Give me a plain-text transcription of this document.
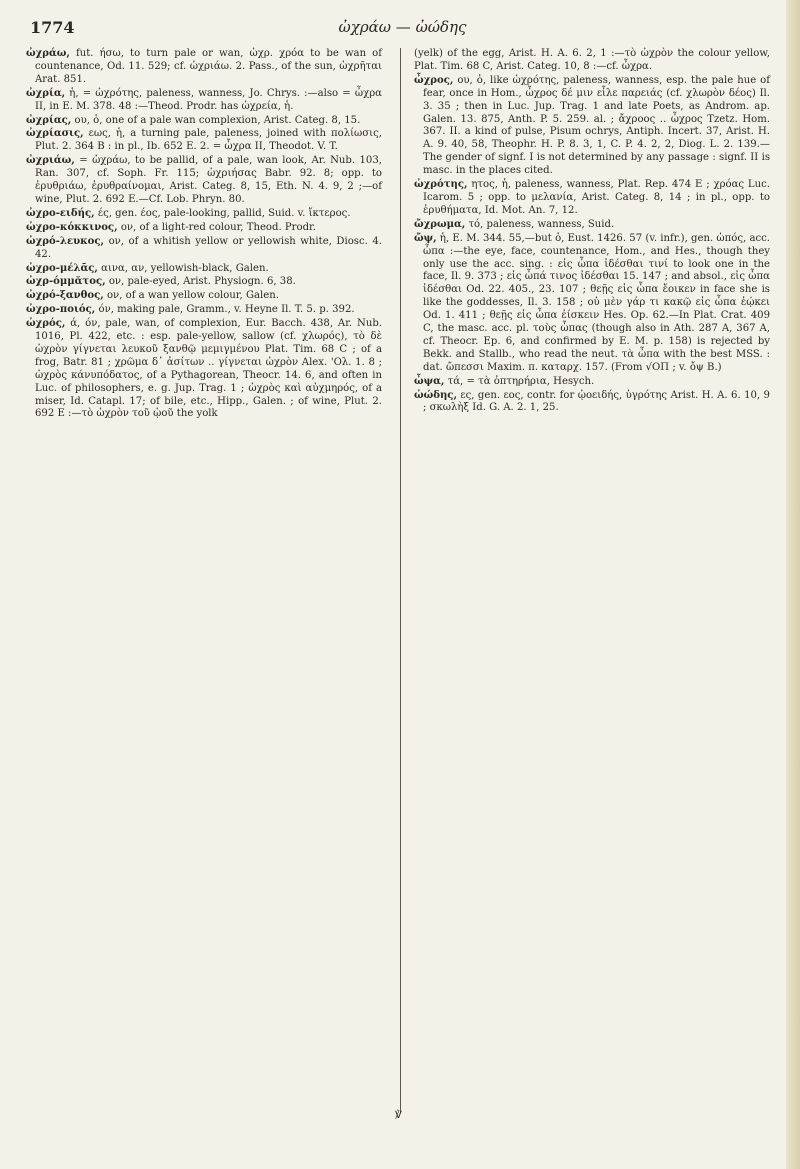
1774	ὠχράω — ὠώδης

ὠχράω, fut. ήσω, to turn pale or wan, ὠχρ. χρόα to be wan of countenance, Od. 11. 529; cf. ὠχριάω. 2. Pass., of the sun, ὠχρῆται Arat. 851.

ὠχρία, ἡ, = ὠχρότης, paleness, wanness, Jo. Chrys. :—also = ὦχρα II, in E. M. 378. 48 :—Theod. Prodr. has ὠχρεία, ἡ.

ὠχρίας, ου, ὁ, one of a pale wan complexion, Arist. Categ. 8, 15.

ὠχρίασις, εως, ἡ, a turning pale, paleness, joined with πολίωσις, Plut. 2. 364 B : in pl., Ib. 652 E. 2. = ὦχρα II, Theodot. V. T.

ὠχριάω, = ὠχράω, to be pallid, of a pale, wan look, Ar. Nub. 103, Ran. 307, cf. Soph. Fr. 115; ὠχριήσας Babr. 92. 8; opp. to ἐρυθριάω, ἐρυθραίνομαι, Arist. Categ. 8, 15, Eth. N. 4. 9, 2 ;—of wine, Plut. 2. 692 E.—Cf. Lob. Phryn. 80.

ὠχρο-ειδής, ές, gen. έος, pale-looking, pallid, Suid. v. ἴκτερος.

ὠχρο-κόκκινος, ον, of a light-red colour, Theod. Prodr.

ὠχρό-λευκος, ον, of a whitish yellow or yellowish white, Diosc. 4. 42.

ὠχρο-μέλᾱς, αινα, αν, yellowish-black, Galen.

ὠχρ-όμμᾰτος, ον, pale-eyed, Arist. Physiogn. 6, 38.

ὠχρό-ξανθος, ον, of a wan yellow colour, Galen.

ὠχρο-ποιός, όν, making pale, Gramm., v. Heyne Il. T. 5. p. 392.

ὠχρός, ά, όν, pale, wan, of complexion, Eur. Bacch. 438, Ar. Nub. 1016, Pl. 422, etc. : esp. pale-yellow, sallow (cf. χλωρός), τὸ δὲ ὠχρὸν γίγνεται λευκοῦ ξανθῷ μεμιγμένου Plat. Tim. 68 C ; of a frog, Batr. 81 ; χρῶμα δ᾽ ἀσίτων .. γίγνεται ὠχρὸν Alex. 'Ολ. 1. 8 ; ὠχρὸς κάνυπόδατος, of a Pythagorean, Theocr. 14. 6, and often in Luc. of philosophers, e. g. Jup. Trag. 1 ; ὠχρὸς καὶ αὐχμηρός, of a miser, Id. Catapl. 17; of bile, etc., Hipp., Galen. ; of wine, Plut. 2. 692 E :—τὸ ὠχρὸν τοῦ ᾠοῦ the yolk

(yelk) of the egg, Arist. H. A. 6. 2, 1 :—τὸ ὠχρὸν the colour yellow, Plat. Tim. 68 C, Arist. Categ. 10, 8 :—cf. ὦχρα.

ὦχρος, ου, ὁ, like ὠχρότης, paleness, wanness, esp. the pale hue of fear, once in Hom., ὦχρος δέ μιν εἷλε παρειάς (cf. χλωρὸν δέος) Il. 3. 35 ; then in Luc. Jup. Trag. 1 and late Poets, as Androm. ap. Galen. 13. 875, Anth. P. 5. 259. al. ; ἄχροος .. ὦχρος Tzetz. Hom. 367. II. a kind of pulse, Pisum ochrys, Antiph. Incert. 37, Arist. H. A. 9. 40, 58, Theophr. H. P. 8. 3, 1, C. P. 4. 2, 2, Diog. L. 2. 139.—The gender of signf. I is not determined by any passage : signf. II is masc. in the places cited.

ὠχρότης, ητος, ἡ, paleness, wanness, Plat. Rep. 474 E ; χρόας Luc. Icarom. 5 ; opp. to μελανία, Arist. Categ. 8, 14 ; in pl., opp. to ἐρυθήματα, Id. Mot. An. 7, 12.

ὤχρωμα, τό, paleness, wanness, Suid.

ὤψ, ἡ, E. M. 344. 55,—but ὁ, Eust. 1426. 57 (v. infr.), gen. ὠπός, acc. ὦπα :—the eye, face, countenance, Hom., and Hes., though they only use the acc. sing. : εἰς ὦπα ἰδέσθαι τινί to look one in the face, Il. 9. 373 ; εἰς ὦπά τινος ἰδέσθαι 15. 147 ; and absol., εἰς ὦπα ἰδέσθαι Od. 22. 405., 23. 107 ; θεῇς εἰς ὦπα ἔοικεν in face she is like the goddesses, Il. 3. 158 ; οὐ μὲν γάρ τι κακῷ εἰς ὦπα ἐῴκει Od. 1. 411 ; θεῇς εἰς ὦπα ἐίσκειν Hes. Op. 62.—In Plat. Crat. 409 C, the masc. acc. pl. τοὺς ὦπας (though also in Ath. 287 A, 367 A, cf. Theocr. Ep. 6, and confirmed by E. M. p. 158) is rejected by Bekk. and Stallb., who read the neut. τὰ ὦπα with the best MSS. : dat. ὤπεσσι Maxim. π. καταρχ. 157. (From √ΟΠ ; v. ὄψ B.)

ὦψα, τά, = τὰ ὀπτηρήρια, Hesych.

ὠώδης, ες, gen. εος, contr. for ᾠοειδής, ὑγρότης Arist. H. A. 6. 10, 9 ; σκωλὴξ Id. G. A. 2. 1, 25.

℣
